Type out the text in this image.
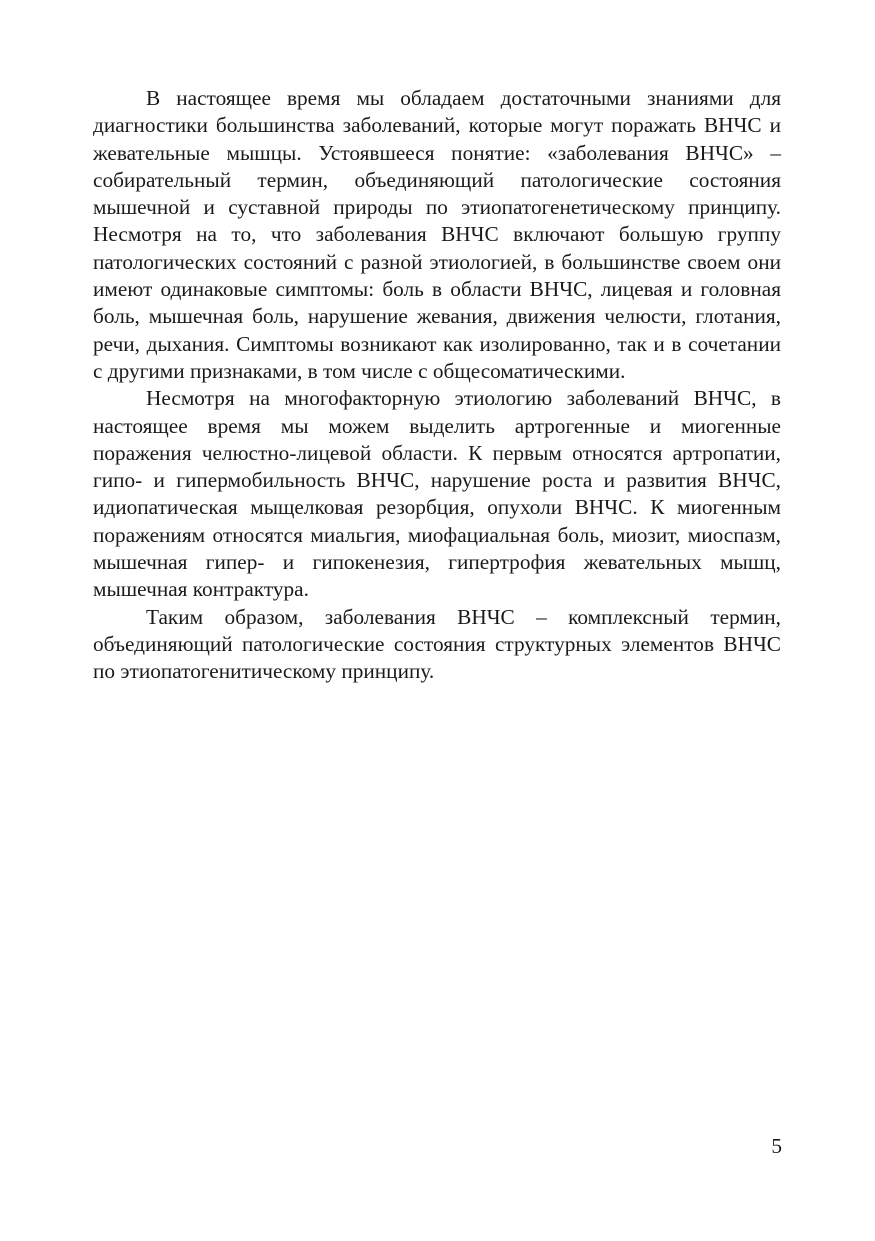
В настоящее время мы обладаем достаточными знаниями для диагностики большинства заболеваний, которые могут поражать ВНЧС и жевательные мышцы. Устоявшееся понятие: «заболевания ВНЧС» – собирательный термин, объединяющий патологические состояния мышечной и суставной природы по этиопатогенетическому принципу. Несмотря на то, что заболевания ВНЧС включают большую группу патологических состояний с разной этиологией, в большинстве своем они имеют одинаковые симптомы: боль в области ВНЧС, лицевая и головная боль, мышечная боль, нарушение жевания, движения челюсти, глотания, речи, дыхания. Симптомы возникают как изолированно, так и в сочетании с другими признаками, в том числе с общесоматическими.

Несмотря на многофакторную этиологию заболеваний ВНЧС, в настоящее время мы можем выделить артрогенные и миогенные поражения челюстно-лицевой области. К первым относятся артропатии, гипо- и гипермобильность ВНЧС, нарушение роста и развития ВНЧС, идиопатическая мыщелковая резорбция, опухоли ВНЧС. К миогенным поражениям относятся миальгия, миофациальная боль, миозит, миоспазм, мышечная гипер- и гипокенезия, гипертрофия жевательных мышц, мышечная контрактура.

Таким образом, заболевания ВНЧС – комплексный термин, объединяющий патологические состояния структурных элементов ВНЧС по этиопатогенитическому принципу.

5
